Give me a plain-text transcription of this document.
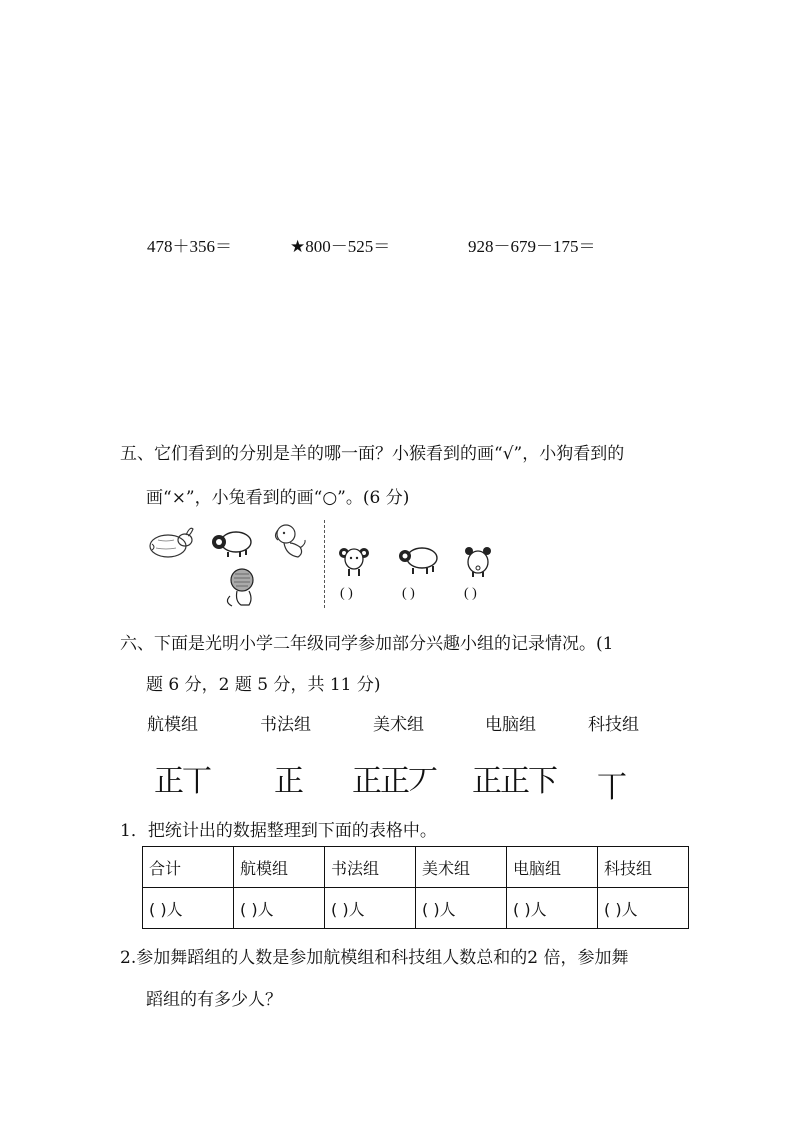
478＋356＝	★800－525＝	928－679－175＝
五、它们看到的分别是羊的哪一面？小猴看到的画“√”，小狗看到的
画“×”，小兔看到的画“○”。(6 分)
( )	( )	( )
六、下面是光明小学二年级同学参加部分兴趣小组的记录情况。(1
题 6 分，2 题 5 分，共 11 分)
航模组	书法组	美术组	电脑组	科技组
正丅 正 正正丆 正正下 丅
1．把统计出的数据整理到下面的表格中。
合计	航模组	书法组	美术组	电脑组	科技组
( )人	( )人	( )人	( )人	( )人	( )人
2.参加舞蹈组的人数是参加航模组和科技组人数总和的2 倍，参加舞
蹈组的有多少人？
